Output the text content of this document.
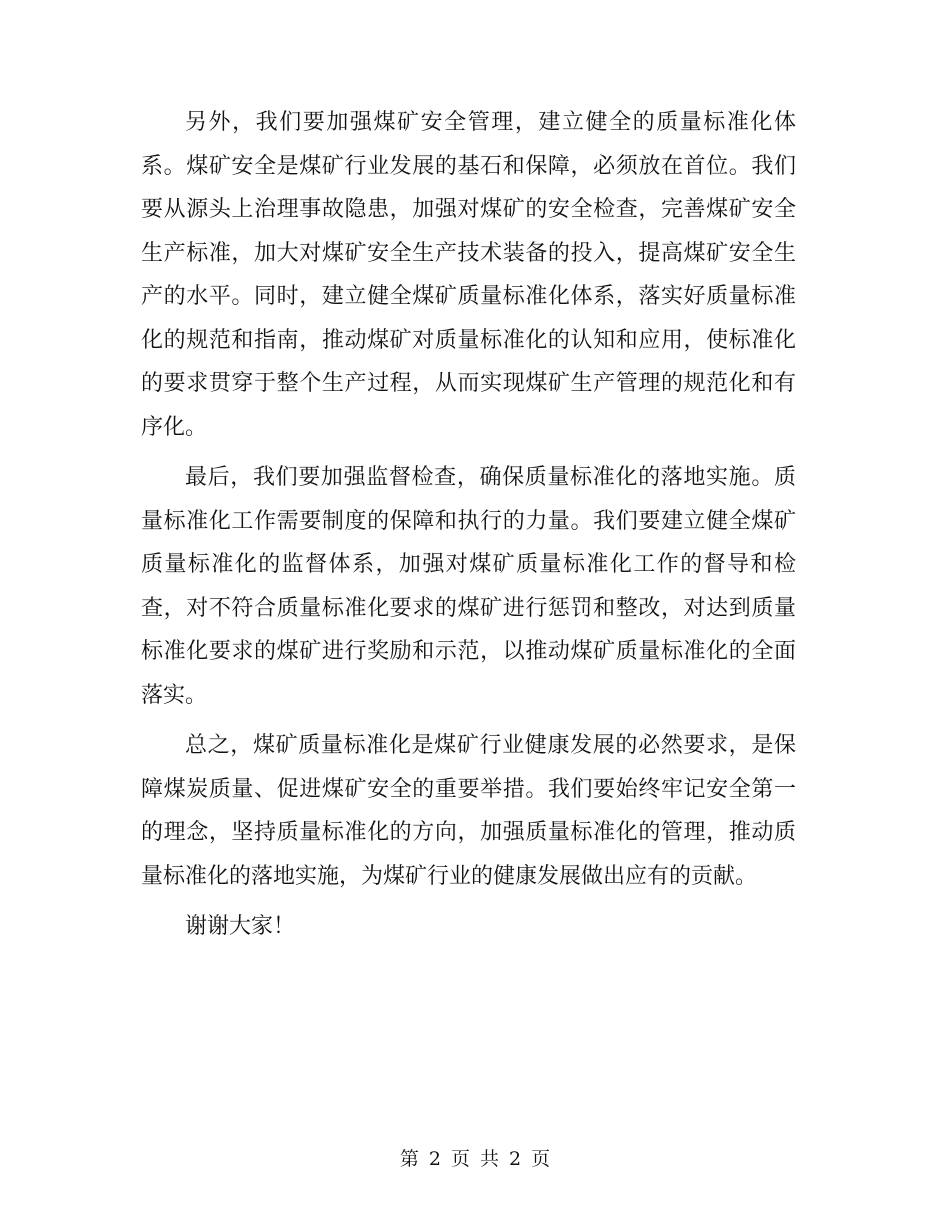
另外，我们要加强煤矿安全管理，建立健全的质量标准化体系。煤矿安全是煤矿行业发展的基石和保障，必须放在首位。我们要从源头上治理事故隐患，加强对煤矿的安全检查，完善煤矿安全生产标准，加大对煤矿安全生产技术装备的投入，提高煤矿安全生产的水平。同时，建立健全煤矿质量标准化体系，落实好质量标准化的规范和指南，推动煤矿对质量标准化的认知和应用，使标准化的要求贯穿于整个生产过程，从而实现煤矿生产管理的规范化和有序化。

最后，我们要加强监督检查，确保质量标准化的落地实施。质量标准化工作需要制度的保障和执行的力量。我们要建立健全煤矿质量标准化的监督体系，加强对煤矿质量标准化工作的督导和检查，对不符合质量标准化要求的煤矿进行惩罚和整改，对达到质量标准化要求的煤矿进行奖励和示范，以推动煤矿质量标准化的全面落实。

总之，煤矿质量标准化是煤矿行业健康发展的必然要求，是保障煤炭质量、促进煤矿安全的重要举措。我们要始终牢记安全第一的理念，坚持质量标准化的方向，加强质量标准化的管理，推动质量标准化的落地实施，为煤矿行业的健康发展做出应有的贡献。

谢谢大家！

第 2 页 共 2 页
